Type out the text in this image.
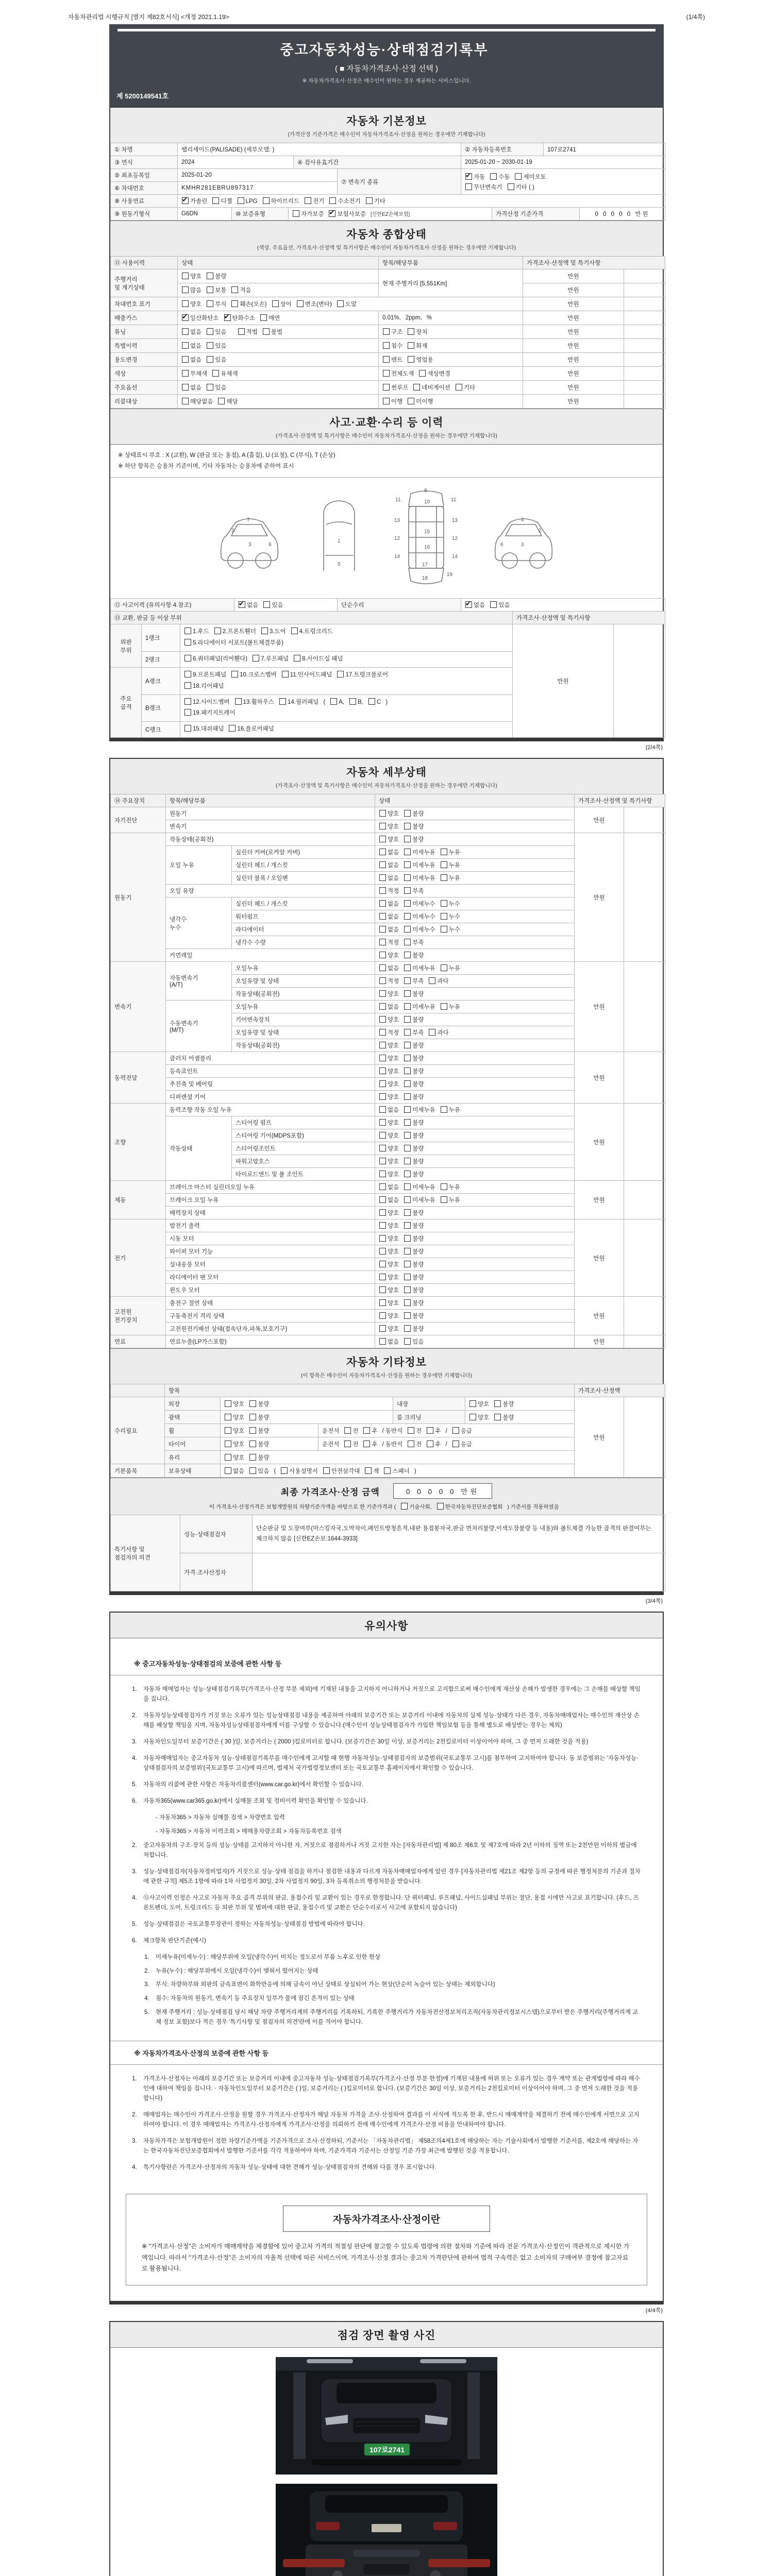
자동차관리법 시행규칙 [별지 제82호서식] <개정 2021.1.19>	(1/4쪽)
중고자동차성능·상태점검기록부
( ■ 자동차가격조사·산정 선택 )
※ 자동차가격조사·산정은 매수인이 원하는 경우 제공하는 서비스입니다.
제 5200149541호
자동차 기본정보
(가격산정 기준가격은 매수인이 자동차가격조사·산정을 원하는 경우에만 기재합니다)
① 차명	팰리세이드(PALISADE) (세부모델: )	② 자동차등록번호	107로2741
③ 연식	2024	④ 검사유효기간	2025-01-20 ~ 2030-01-19
⑤ 최초등록일	2025-01-20	⑦ 변속기 종류	
✔자동 수동 세미오토
무단변속기 기타 ( )

⑥ 차대번호	KMHR281EBRU897317		
⑧ 사용연료	✔가솔린 디젤 LPG 하이브리드 전기 수소전기 기타
⑨ 원동기형식	G6DN	⑩ 보증유형	자가보증 ✔ 보험사보증 [신한EZ손해보험]	가격산정 기준가격	0 0 0 0 0 만원
자동차 종합상태
(색상, 주요옵션, 가격조사·산정액 및 특기사항은 매수인이 자동차가격조사·산정을 원하는 경우에만 기재합니다)
⑪ 사용이력	상태	항목/해당부품	가격조사·산정액 및 특기사항	
주행거리
및 계기상태	양호 불량	현재 주행거리 [5,551Km]	만원	
	많음 보통 적음		만원	
차대번호 표기	양호 부식 훼손(오손) 상이 변조(변타) 도말		만원	
배출가스	✔일산화탄소 ✔ 탄화수소 매연	0.01%, 2ppm, %	만원	
튜닝	없음 있음 적법 불법	구조 장치	만원	
특별이력	없음 있음	침수 화재	만원	
용도변경	없음 있음	렌트 영업용	만원	
색상	무채색 유채색	전체도색 색상변경	만원	
주요옵션	없음 있음	썬루프 네비게이션 기타	만원	
리콜대상	해당없음 해당	이행 미이행	만원	
사고·교환·수리 등 이력
(가격조사·산정액 및 특기사항은 매수인이 자동차가격조사·산정을 원하는 경우에만 기재합니다)
※ 상태표시 부호 : X (교환), W (판금 또는 용접), A (흠집), U (요철), C (부식), T (손상)
※ 하단 항목은 승용차 기준이며, 기타 자동차는 승용차에 준하여 표시
2
3	6
7
1
5
11	11
9
10
13	13
12	12
15
16
14	14
17
18
19
2
3
6
4
⑫ 사고이력 (유의사항 4.참조)	✔없음 있음	단순수리	✔없음 있음
⑬ 교환, 판금 등 이상 부위	가격조사·산정액 및 특기사항
외판
부위	1랭크	1.후드 2.프론트휀더 3.도어 4.트렁크리드
5.라디에이터 서포트(볼트체결부품)	만원	
	2랭크	6.쿼터패널(리어휀다) 7.루프패널 8.사이드실 패널		
주요
골격	A랭크	9.프론트패널 10.크로스멤버 11.인사이드패널 17.트렁크플로어
18.리어패널		
	B랭크	12.사이드멤버 13.휠하우스 14.필러패널 ( A, B, C )
19.패키지트레이		
	C랭크	15.대쉬패널 16.플로어패널		
(2/4쪽)
자동차 세부상태
(가격조사·산정액 및 특기사항은 매수인이 자동차가격조사·산정을 원하는 경우에만 기재합니다)
⑭ 주요장치	항목/해당부품		상태	가격조사·산정액 및 특기사항	
자기진단	원동기		양호 불량	만원	
	변속기		양호 불량		
원동기	작동상태(공회전)		양호 불량	만원	
	오일 누유	실린더 커버(로커암 커버)	없음 미세누유 누유		
		실린더 헤드 / 개스킷	없음 미세누유 누유		
		실린더 블록 / 오일팬	없음 미세누유 누유		
	오일 유량		적정 부족		
	냉각수
누수	실린더 헤드 / 개스킷	없음 미세누수 누수		
		워터펌프	없음 미세누수 누수		
		라디에이터	없음 미세누수 누수		
		냉각수 수량	적정 부족		
	커먼레일		양호 불량		
변속기	자동변속기
(A/T)	오일누유	없음 미세누유 누유	만원	
		오일유량 및 상태	적정 부족 과다		
		작동상태(공회전)	양호 불량		
	수동변속기
(M/T)	오일누유	없음 미세누유 누유		
		기어변속장치	양호 불량		
		오일유량 및 상태	적정 부족 과다		
		작동상태(공회전)	양호 불량		
동력전달	클러치 어셈블리		양호 불량	만원	
	등속죠인트		양호 불량		
	추진축 및 베어링		양호 불량		
	디퍼렌셜 기어		양호 불량		
조향	동력조향 작동 오일 누유		없음 미세누유 누유	만원	
	작동상태	스티어링 펌프	양호 불량		
		스티어링 기어(MDPS포함)	양호 불량		
		스티어링조인트	양호 불량		
		파워고압호스	양호 불량		
		타이로드엔드 및 볼 조인트	양호 불량		
제동	브레이크 마스터 실린더오일 누유		없음 미세누유 누유	만원	
	브레이크 오일 누유		없음 미세누유 누유		
	배력장치 상태		양호 불량		
전기	발전기 출력		양호 불량	만원	
	시동 모터		양호 불량		
	와이퍼 모터 기능		양호 불량		
	실내송풍 모터		양호 불량		
	라디에이터 팬 모터		양호 불량		
	윈도우 모터		양호 불량		
고전원
전기장치	충전구 절연 상태		양호 불량	만원	
	구동축전지 격리 상태		양호 불량		
	고전원전기배선 상태(접속단자,피복,보호기구)		양호 불량		
연료	연료누출(LP가스포함)		없음 있음	만원	
자동차 기타정보
(이 항목은 매수인이 자동차가격조사·산정을 원하는 경우에만 기재합니다)
	항목					가격조사·산정액	
수리필요	외장	양호 불량		내장	양호 불량	만원	
	광택	양호 불량		룸 크리닝	양호 불량		
	휠	양호 불량	운전석 전 후 / 동반석 전 후 / 응급				
	타이어	양호 불량	운전석 전 후 / 동반석 전 후 / 응급				
	유리	양호 불량					
기본품목	보유상태	없음 있음 ( 사용설명서 안전삼각대 잭 스패너 )					
최종 가격조사·산정 금액	0 0 0 0 0 만원
이 가격조사·산정가격은 보험개발원의 차량기준가액을 바탕으로 한 기준가격과 ( 기술사회, 한국자동차진단보증협회 ) 기준서를 적용하였음
특기사항 및
점검자의 의견	성능·상태점검자	단순판금 및 도장여부(마스킹자국,도막차이,페인트방청흔적,내판 용접봉자국,판금 면처리불량,이색도장불량 등 내용)와 볼트체결 가능한 골격의 판결여부는 체크하지 않음 [신한EZ손보:1644-3933]
	가격·조사산정자	
(3/4쪽)
유의사항
※ 중고자동차성능·상태점검의 보증에 관한 사항 등
1.	자동차 매매업자는 성능·상태점검기록부(가격조사·산정 부분 제외)에 기재된 내용을 고지하지 아니하거나 거짓으로 고지함으로써 매수인에게 재산상 손해가 발생한 경우에는 그 손해를 배상할 책임을 집니다.
2.	자동차성능상태점검자가 거짓 또는 오류가 있는 성능상태점검 내용을 제공하여 아래의 보증기간 또는 보증거리 이내에 자동차의 실제 성능·상태가 다른 경우, 자동차매매업자는 매수인의 재산상 손해를 배상할 책임을 지며, 자동차성능상태점검자에게 이를 구상할 수 있습니다.(매수인이 성능상태점검자가 가입한 책임보험 등을 통해 별도로 배상받는 경우는 제외)
3.	자동차인도일부터 보증기간은 ( 30 )일, 보증거리는 ( 2000 )킬로미터로 합니다. (보증기간은 30일 이상, 보증거리는 2천킬로미터 이상이어야 하며, 그 중 먼저 도래한 것을 적용)
4.	자동차매매업자는 중고자동차 성능·상태점검기록부를 매수인에게 고지할 때 현행 자동차성능·상태점검자의 보증범위(국토교통부 고시)를 첨부하여 고지하여야 합니다. 동 보증범위는 '자동차성능·상태점검자의 보증범위'(국토교통부 고시)에 따르며, 법제처 국가법령정보센터 또는 국토교통부 홈페이지에서 확인할 수 있습니다.
5.	자동차의 리콜에 관한 사항은 자동차리콜센터(www.car.go.kr)에서 확인할 수 있습니다.
6.	자동차365(www.car365.go.kr)에서 실매물 조회 및 정비이력 확인을 확인할 수 있습니다.
- 자동차365 > 자동차 실매물 검색 > 차량번호 입력
- 자동차365 > 자동차 이력조회 > 매매용차량조회 > 자동차등록번호 검색
2.	중고자동차의 구조·장치 등의 성능·상태를 고지하지 아니한 자, 거짓으로 점검하거나 거짓 고지한 자는 [자동차관리법] 제 80조 제6호 및 제7호에 따라 2년 이하의 징역 또는 2천만원 이하의 벌금에 처합니다.
3.	성능·상태점검자(자동차정비업자)가 거짓으로 성능·상태 점검을 하거나 점검한 내용과 다르게 자동차매매업자에게 알린 경우 [자동차관리법 제21조 제2항 등의 규정에 따른 행정처분의 기준과 절차에 관한 규칙] 제5조 1항에 따라 1차 사업정지 30일, 2차 사업정지 90일, 3차 등록취소의 행정처분을 받습니다.
4.	⑫사고이력 인정은 사고로 자동차 주요 골격 부위의 판금, 용접수리 및 교환이 있는 경우로 한정합니다. 단 쿼터패널, 루프패널, 사이드실패널 부위는 절단, 용접 시에만 사고로 표기합니다. (후드, 프론트펜더, 도어, 트렁크리드 등 외판 부위 및 범퍼에 대한 판금, 용접수리 및 교환은 단순수리로서 사고에 포함되지 않습니다)
5.	성능·상태점검은 국토교통부장관이 정하는 자동차성능·상태점검 방법에 따라야 합니다.
6.	체크항목 판단기준(예시)
1.	미세누유(미세누수) : 해당부위에 오일(냉각수)이 비치는 정도로서 부품 노후로 인한 현상
2.	누유(누수) : 해당부위에서 오일(냉각수)이 맺혀서 떨어지는 상태
3.	부식: 차량하부와 외판의 금속표면이 화학반응에 의해 금속이 아닌 상태로 상실되어 가는 현상(단순히 녹슬어 있는 상태는 제외합니다)
4.	침수: 자동차의 원동기, 변속기 등 주요장치 일부가 물에 잠긴 흔적이 있는 상태
5.	현재 주행거리 : 성능·상태점검 당시 해당 차량 주행거리계의 주행거리를 기록하되, 기록한 주행거리가 자동차전산정보처리조직(자동차관리정보시스템)으로부터 받은 주행거리(주행거리계 교체 정보 포함)보다 적은 경우 '특기사항 및 점검자의 의견'란에 이를 적어야 합니다.
※ 자동차가격조사·산정의 보증에 관한 사항 등
1.	가격조사·산정자는 아래의 보증기간 또는 보증거리 이내에 중고자동차 성능·상태점검기록부(가격조사·산정 부분 한정)에 기재된 내용에 허위 또는 오류가 있는 경우 계약 또는 관계법령에 따라 매수인에 대하여 책임을 집니다. · 자동차인도일부터 보증기간은 ( )일, 보증거리는 ( )킬로미터로 합니다. (보증기간은 30일 이상, 보증거리는 2천킬로미터 이상이어야 하며, 그 중 먼저 도래한 것을 적용합니다)
2.	매매업자는 매수인이 가격조사·산정을 원할 경우 가격조사·산정자가 해당 자동차 가격을 조사·산정하여 결과를 이 서식에 적도록 한 후, 반드시 매매계약을 체결하기 전에 매수인에게 서면으로 고지하여야 합니다. 이 경우 매매업자는 가격조사·산정자에게 가격조사·산정을 의뢰하기 전에 매수인에게 가격조사·산정 비용을 안내하여야 합니다.
3.	자동차가격은 보험개발원이 정한 차량기준가액을 기준가격으로 조사·산정하되, 기준서는 「자동차관리법」 제58조의4제1호에 해당하는 자는 기술사회에서 발행한 기준서를, 제2호에 해당하는 자는 한국자동차진단보증협회에서 발행한 기준서를 각각 적용하여야 하며, 기준가격과 기준서는 산정일 기준 가장 최근에 발행된 것을 적용합니다.
4.	특기사항란은 가격조사·산정자의 자동차 성능·상태에 대한 견해가 성능·상태점검자의 견해와 다를 경우 표시합니다.
자동차가격조사·산정이란
※ "가격조사·산정"은 소비자가 매매계약을 체결함에 있어 중고차 가격의 적절성 판단에 참고할 수 있도록 법령에 의한 절차와 기준에 따라 전문 가격조사·산정인이 객관적으로 제시한 가액입니다. 따라서 "가격조사·산정"은 소비자의 자율적 선택에 따른 서비스이며, 가격조사·산정 결과는 중고차 가격판단에 관하여 법적 구속력은 없고 소비자의 구매여부 결정에 참고자료로 활용됩니다.
(4/4쪽)
점검 장면 촬영 사진
107로2741
